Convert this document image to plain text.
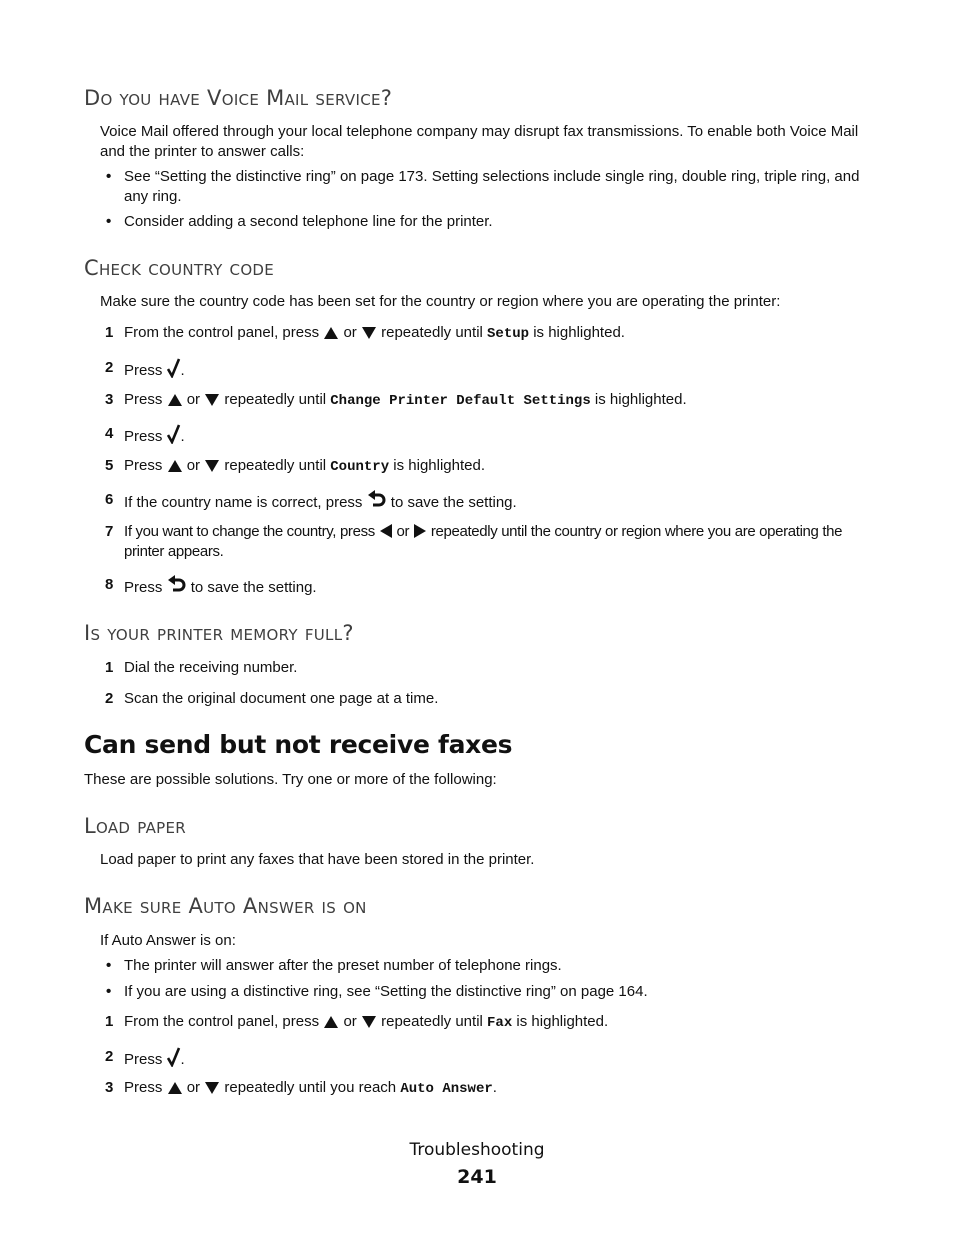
Do you have Voice Mail service?

Voice Mail offered through your local telephone company may disrupt fax transmissions. To enable both Voice Mail and the printer to answer calls:

• See “Setting the distinctive ring” on page 173. Setting selections include single ring, double ring, triple ring, and any ring.
• Consider adding a second telephone line for the printer.
Check country code

Make sure the country code has been set for the country or region where you are operating the printer:

1 From the control panel, press or repeatedly until Setup is highlighted.
2 Press .
3 Press or repeatedly until Change Printer Default Settings is highlighted.
4 Press .
5 Press or repeatedly until Country is highlighted.
6 If the country name is correct, press to save the setting.
7 If you want to change the country, press or repeatedly until the country or region where you are operating the printer appears.
8 Press to save the setting.
Is your printer memory full?
1 Dial the receiving number.
2 Scan the original document one page at a time.
Can send but not receive faxes

These are possible solutions. Try one or more of the following:

Load paper

Load paper to print any faxes that have been stored in the printer.

Make sure Auto Answer is on

If Auto Answer is on:

• The printer will answer after the preset number of telephone rings.
• If you are using a distinctive ring, see “Setting the distinctive ring” on page 164.
1 From the control panel, press or repeatedly until Fax is highlighted.
2 Press .
3 Press or repeatedly until you reach Auto Answer.
Troubleshooting
241
